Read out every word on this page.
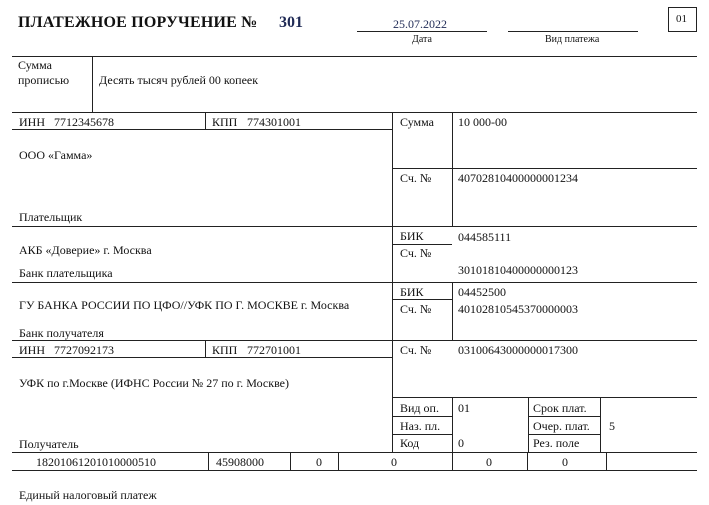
ПЛАТЕЖНОЕ ПОРУЧЕНИЕ № 301	25.07.2022
Дата	Вид платежа
01
Сумма
прописью Десять тысяч рублей 00 копеек
ИНН 7712345678	КПП 774301001
ООО «Гамма»
Плательщик
Сумма 10 000-00
Сч. № 40702810400000001234
АКБ «Доверие» г. Москва
Банк плательщика
БИК	044585111
Сч. №
30101810400000000123
ГУ БАНКА РОССИИ ПО ЦФО//УФК ПО Г. МОСКВЕ г. Москва
Банк получателя
БИК	04452500
Сч. № 40102810545370000003
ИНН 7727092173	КПП 772701001	Сч. № 03100643000000017300
УФК по г.Москве (ИФНС России № 27 по г. Москве)
Получатель
Вид оп. 01
Наз. пл.
Код	0
Срок плат.
Очер. плат. 5
Рез. поле
18201061201010000510	45908000	0	0	0	0
Единый налоговый платеж
